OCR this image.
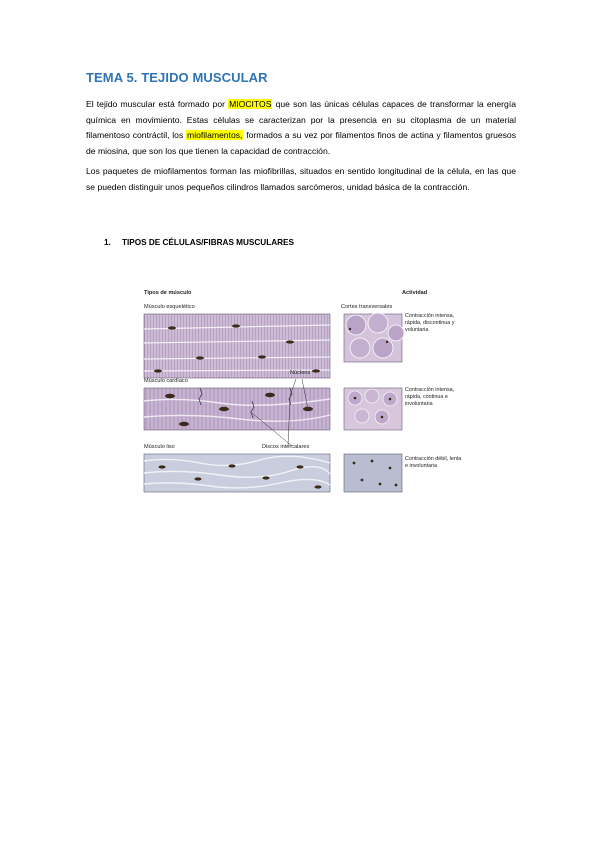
TEMA 5. TEJIDO MUSCULAR
El tejido muscular está formado por MIOCITOS que son las únicas células capaces de transformar la energía química en movimiento. Estas células se caracterizan por la presencia en su citoplasma de un material filamentoso contráctil, los miofilamentos, formados a su vez por filamentos finos de actina y filamentos gruesos de miosina, que son los que tienen la capacidad de contracción.
Los paquetes de miofilamentos forman las miofibrillas, situados en sentido longitudinal de la célula, en las que se pueden distinguir unos pequeños cilindros llamados sarcómeros, unidad básica de la contracción.
1. TIPOS DE CÉLULAS/FIBRAS MUSCULARES
Tipos de músculo	Actividad
Músculo esquelético	Cortes transversales
Contracción intensa, rápida, discontinua y voluntaria
Núcleos
Músculo cardíaco
Contracción intensa, rápida, continua e involuntaria
Músculo liso	Discos intercalares
Contracción débil, lenta e involuntaria
